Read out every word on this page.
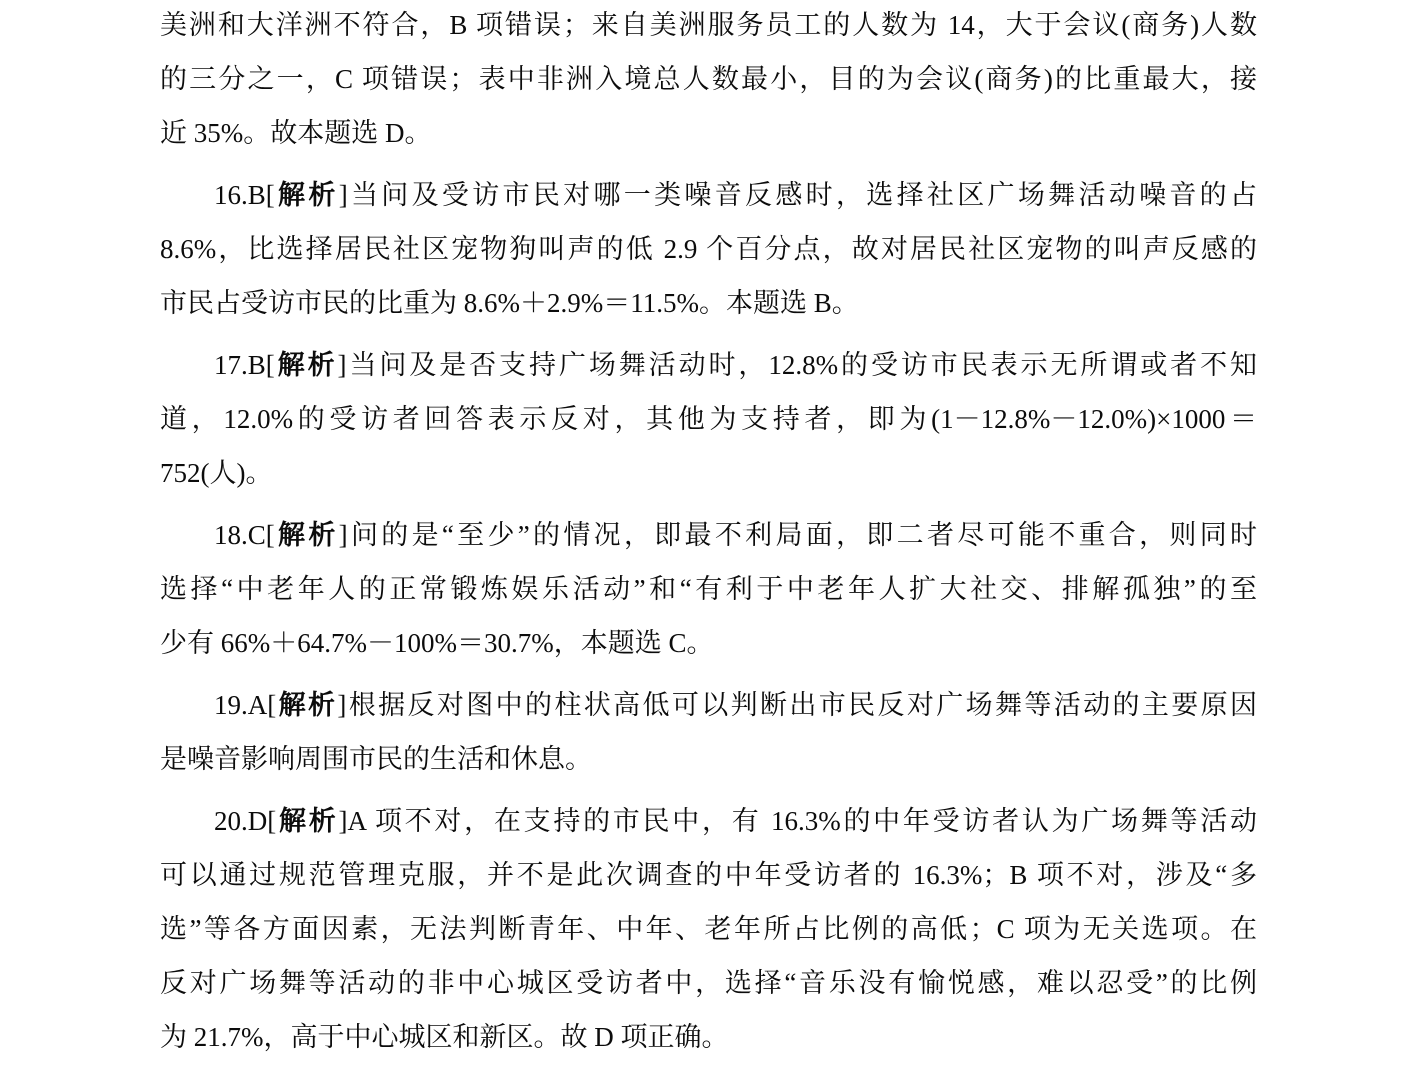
美洲和大洋洲不符合，B 项错误；来自美洲服务员工的人数为 14，大于会议(商务)人数
的三分之一，C 项错误；表中非洲入境总人数最小，目的为会议(商务)的比重最大，接
近 35%。故本题选 D。
16.B[解析]当问及受访市民对哪一类噪音反感时，选择社区广场舞活动噪音的占
8.6%，比选择居民社区宠物狗叫声的低 2.9 个百分点，故对居民社区宠物的叫声反感的
市民占受访市民的比重为 8.6%＋2.9%＝11.5%。本题选 B。
17.B[解析]当问及是否支持广场舞活动时，12.8%的受访市民表示无所谓或者不知
道，12.0%的受访者回答表示反对，其他为支持者，即为(1－12.8%－12.0%)×1000＝
752(人)。
18.C[解析]问的是“至少”的情况，即最不利局面，即二者尽可能不重合，则同时
选择“中老年人的正常锻炼娱乐活动”和“有利于中老年人扩大社交、排解孤独”的至
少有 66%＋64.7%－100%＝30.7%，本题选 C。
19.A[解析]根据反对图中的柱状高低可以判断出市民反对广场舞等活动的主要原因
是噪音影响周围市民的生活和休息。
20.D[解析]A 项不对，在支持的市民中，有 16.3%的中年受访者认为广场舞等活动
可以通过规范管理克服，并不是此次调查的中年受访者的 16.3%；B 项不对，涉及“多
选”等各方面因素，无法判断青年、中年、老年所占比例的高低；C 项为无关选项。在
反对广场舞等活动的非中心城区受访者中，选择“音乐没有愉悦感，难以忍受”的比例
为 21.7%，高于中心城区和新区。故 D 项正确。
